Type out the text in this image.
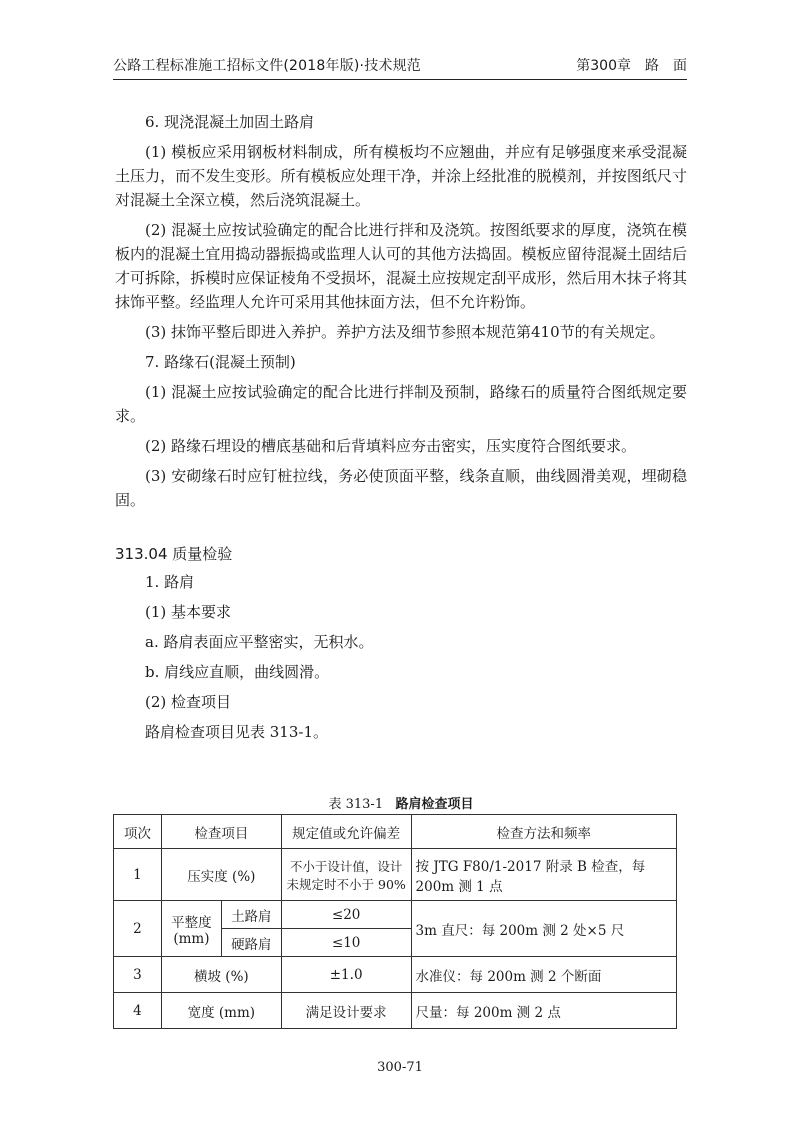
公路工程标准施工招标文件(2018年版)·技术规范	第300章　路　面

6. 现浇混凝土加固土路肩

(1) 模板应采用钢板材料制成，所有模板均不应翘曲，并应有足够强度来承受混凝土压力，而不发生变形。所有模板应处理干净，并涂上经批准的脱模剂，并按图纸尺寸对混凝土全深立模，然后浇筑混凝土。

(2) 混凝土应按试验确定的配合比进行拌和及浇筑。按图纸要求的厚度，浇筑在模板内的混凝土宜用捣动器振捣或监理人认可的其他方法捣固。模板应留待混凝土固结后才可拆除，拆模时应保证棱角不受损坏，混凝土应按规定刮平成形，然后用木抹子将其抹饰平整。经监理人允许可采用其他抹面方法，但不允许粉饰。

(3) 抹饰平整后即进入养护。养护方法及细节参照本规范第410节的有关规定。

7. 路缘石(混凝土预制)

(1) 混凝土应按试验确定的配合比进行拌制及预制，路缘石的质量符合图纸规定要求。

(2) 路缘石埋设的槽底基础和后背填料应夯击密实，压实度符合图纸要求。

(3) 安砌缘石时应钉桩拉线，务必使顶面平整，线条直顺，曲线圆滑美观，埋砌稳固。

313.04 质量检验

1. 路肩

(1) 基本要求

a. 路肩表面应平整密实，无积水。

b. 肩线应直顺，曲线圆滑。

(2) 检查项目

路肩检查项目见表 313-1。

表 313-1 路肩检查项目
项次	检查项目		规定值或允许偏差	检查方法和频率
1	压实度 (%)		不小于设计值，设计未规定时不小于 90%	按 JTG F80/1-2017 附录 B 检查，每 200m 测 1 点
2	平整度 (mm)	土路肩	≤20	3m 直尺：每 200m 测 2 处×5 尺
		硬路肩	≤10	
3	横坡 (%)		±1.0	水准仪：每 200m 测 2 个断面
4	宽度 (mm)		满足设计要求	尺量：每 200m 测 2 点
300-71
